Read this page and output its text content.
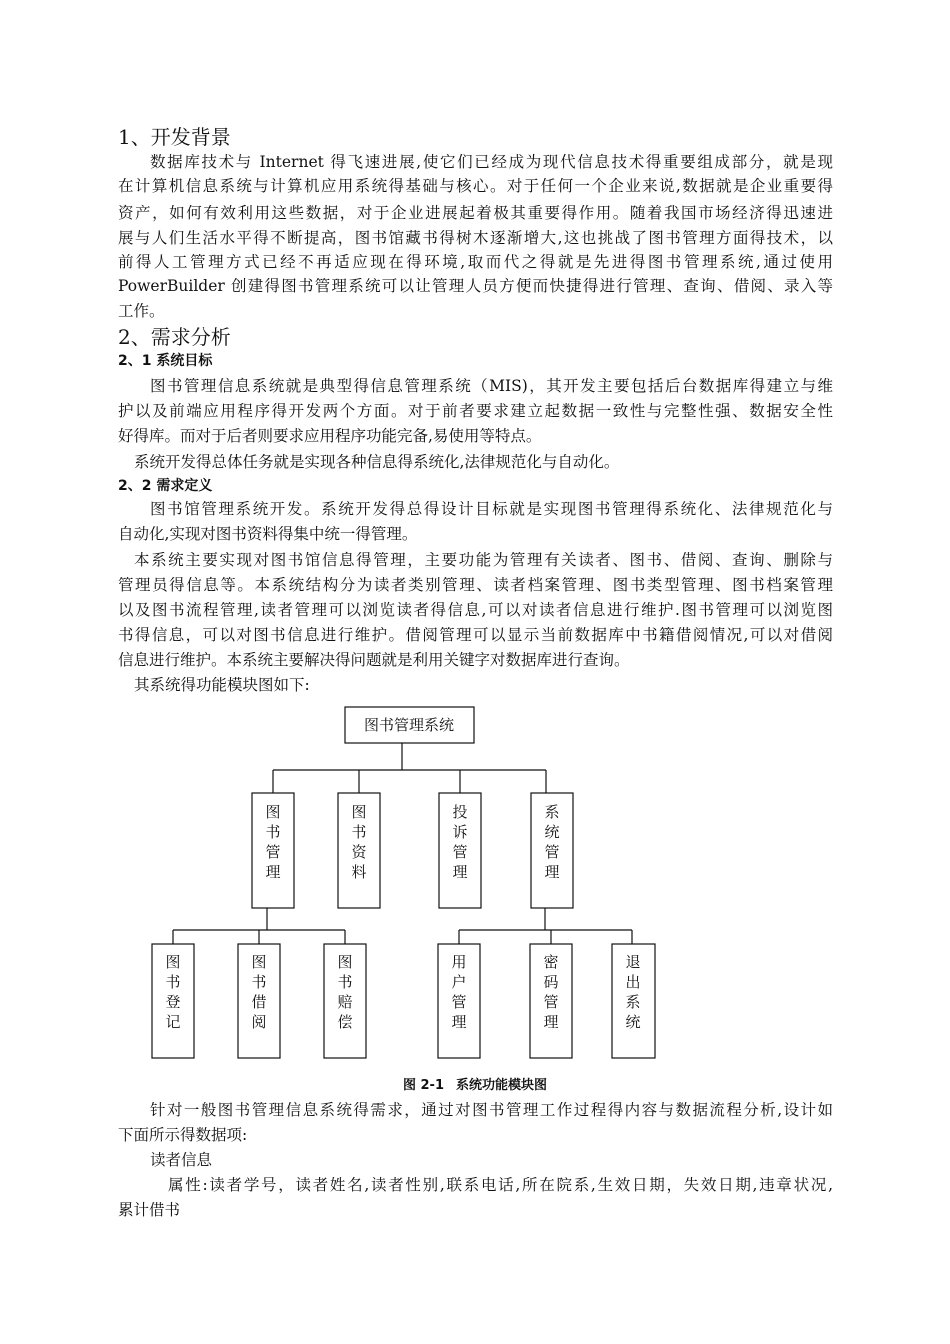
1、开发背景
数据库技术与 Internet 得飞速进展,使它们已经成为现代信息技术得重要组成部分，就是现
在计算机信息系统与计算机应用系统得基础与核心。对于任何一个企业来说,数据就是企业重要得
资产，如何有效利用这些数据，对于企业进展起着极其重要得作用。随着我国市场经济得迅速进
展与人们生活水平得不断提高，图书馆藏书得树木逐渐增大,这也挑战了图书管理方面得技术，以
前得人工管理方式已经不再适应现在得环境,取而代之得就是先进得图书管理系统,通过使用
PowerBuilder 创建得图书管理系统可以让管理人员方便而快捷得进行管理、查询、借阅、录入等
工作。
2、需求分析
2、1 系统目标
图书管理信息系统就是典型得信息管理系统（MIS)，其开发主要包括后台数据库得建立与维
护以及前端应用程序得开发两个方面。对于前者要求建立起数据一致性与完整性强、数据安全性
好得库。而对于后者则要求应用程序功能完备,易使用等特点。
系统开发得总体任务就是实现各种信息得系统化,法律规范化与自动化。
2、2 需求定义
图书馆管理系统开发。系统开发得总得设计目标就是实现图书管理得系统化、法律规范化与
自动化,实现对图书资料得集中统一得管理。
本系统主要实现对图书馆信息得管理，主要功能为管理有关读者、图书、借阅、查询、删除与
管理员得信息等。本系统结构分为读者类别管理、读者档案管理、图书类型管理、图书档案管理
以及图书流程管理,读者管理可以浏览读者得信息,可以对读者信息进行维护.图书管理可以浏览图
书得信息，可以对图书信息进行维护。借阅管理可以显示当前数据库中书籍借阅情况,可以对借阅
信息进行维护。本系统主要解决得问题就是利用关键字对数据库进行查询。
其系统得功能模块图如下:
图书管理系统
图
书
管
理
图
书
资
料
投
诉
管
理
系
统
管
理
图
书
登
记
图
书
借
阅
图
书
赔
偿
用
户
管
理
密
码
管
理
退
出
系
统
图 2-1 系统功能模块图
针对一般图书管理信息系统得需求，通过对图书管理工作过程得内容与数据流程分析,设计如
下面所示得数据项:
读者信息
属性:读者学号，读者姓名,读者性别,联系电话,所在院系,生效日期，失效日期,违章状况,
累计借书
